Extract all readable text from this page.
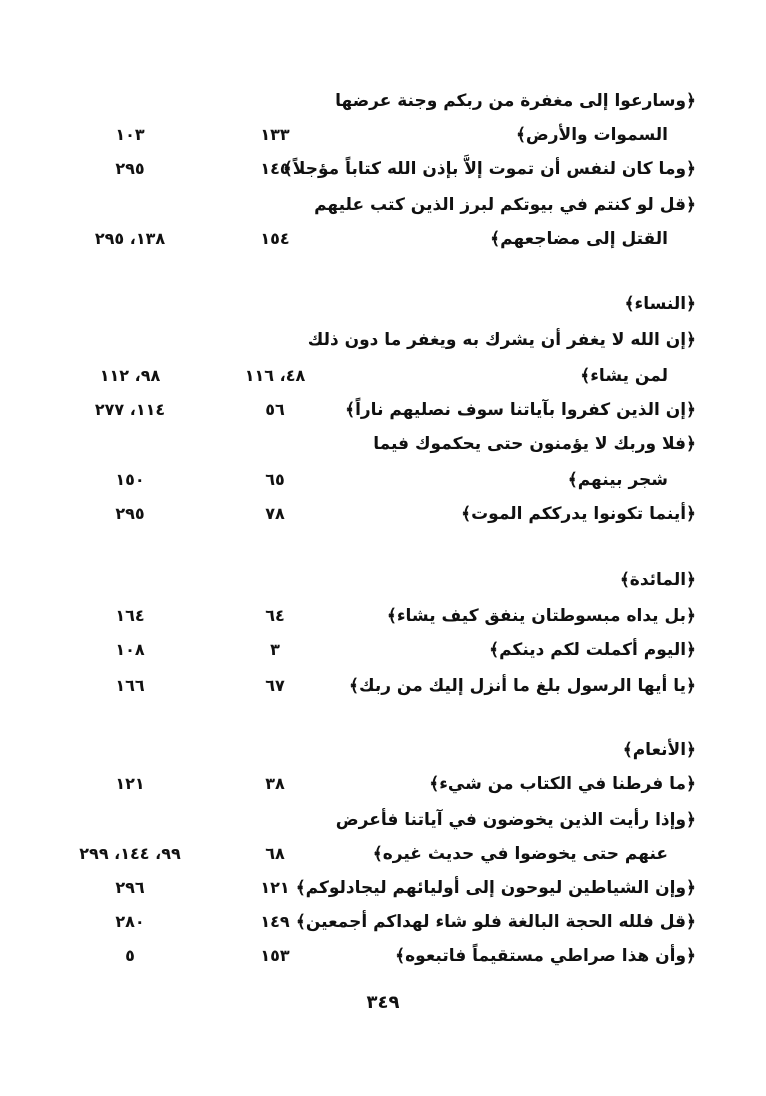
﴿وسارعوا إلى مغفرة من ربكم وجنة عرضها
السموات والأرض﴾
١٣٣
١٠٣
﴿وما كان لنفس أن تموت إلاَّ بإذن الله كتاباً مؤجلاً﴾
١٤٥
٢٩٥
﴿قل لو كنتم في بيوتكم لبرز الذين كتب عليهم
القتل إلى مضاجعهم﴾
١٥٤
١٣٨، ٢٩٥
﴿النساء﴾
﴿إن الله لا يغفر أن يشرك به ويغفر ما دون ذلك
لمن يشاء﴾
٤٨، ١١٦
٩٨، ١١٢
﴿إن الذين كفروا بآياتنا سوف نصليهم ناراً﴾
٥٦
١١٤، ٢٧٧
﴿فلا وربك لا يؤمنون حتى يحكموك فيما
شجر بينهم﴾
٦٥
١٥٠
﴿أينما تكونوا يدرككم الموت﴾
٧٨
٢٩٥
﴿المائدة﴾
﴿بل يداه مبسوطتان ينفق كيف يشاء﴾
٦٤
١٦٤
﴿اليوم أكملت لكم دينكم﴾
٣
١٠٨
﴿يا أيها الرسول بلغ ما أنزل إليك من ربك﴾
٦٧
١٦٦
﴿الأنعام﴾
﴿ما فرطنا في الكتاب من شيء﴾
٣٨
١٢١
﴿وإذا رأيت الذين يخوضون في آياتنا فأعرض
عنهم حتى يخوضوا في حديث غيره﴾
٦٨
٩٩، ١٤٤، ٢٩٩
﴿وإن الشياطين ليوحون إلى أوليائهم ليجادلوكم﴾
١٢١
٢٩٦
﴿قل فلله الحجة البالغة فلو شاء لهداكم أجمعين﴾
١٤٩
٢٨٠
﴿وأن هذا صراطي مستقيماً فاتبعوه﴾
١٥٣
٥
٣٤٩
